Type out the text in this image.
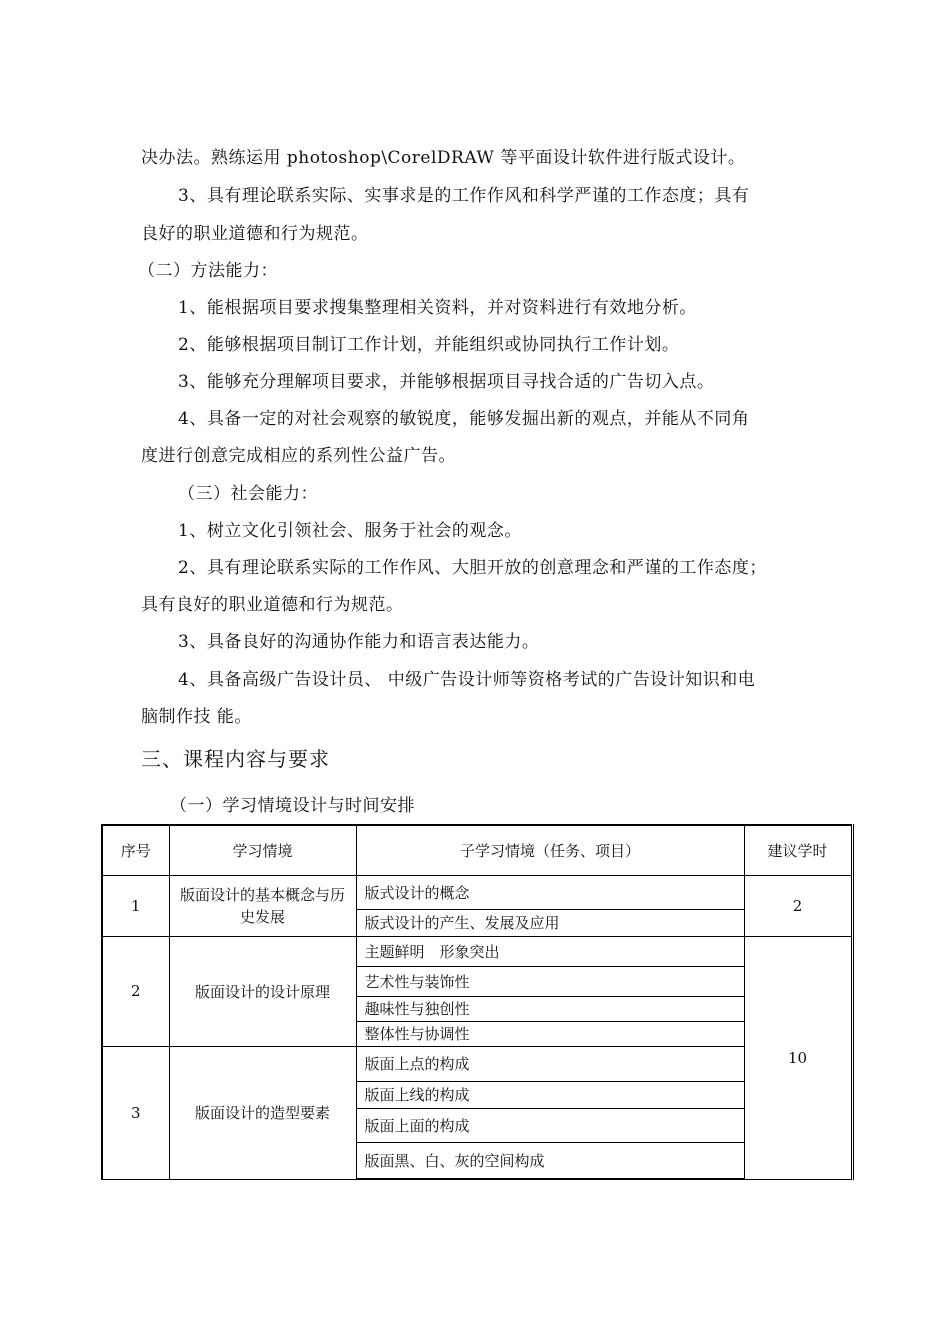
决办法。熟练运用 photoshop\CorelDRAW 等平面设计软件进行版式设计。
3、具有理论联系实际、实事求是的工作作风和科学严谨的工作态度；具有
良好的职业道德和行为规范。
（二）方法能力：
1、能根据项目要求搜集整理相关资料，并对资料进行有效地分析。
2、能够根据项目制订工作计划，并能组织或协同执行工作计划。
3、能够充分理解项目要求，并能够根据项目寻找合适的广告切入点。
4、具备一定的对社会观察的敏锐度，能够发掘出新的观点，并能从不同角
度进行创意完成相应的系列性公益广告。
（三）社会能力：
1、树立文化引领社会、服务于社会的观念。
2、具有理论联系实际的工作作风、大胆开放的创意理念和严谨的工作态度；
具有良好的职业道德和行为规范。
3、具备良好的沟通协作能力和语言表达能力。
4、具备高级广告设计员、 中级广告设计师等资格考试的广告设计知识和电
脑制作技 能。
三、课程内容与要求
（一）学习情境设计与时间安排
序号	学习情境	子学习情境（任务、项目）	建议学时
1	版面设计的基本概念与历史发展	版式设计的概念	2
		版式设计的产生、发展及应用	
2	版面设计的设计原理	主题鲜明　形象突出	10
		艺术性与装饰性	
		趣味性与独创性	
		整体性与协调性	
3	版面设计的造型要素	版面上点的构成	
		版面上线的构成	
		版面上面的构成	
		版面黑、白、灰的空间构成	
